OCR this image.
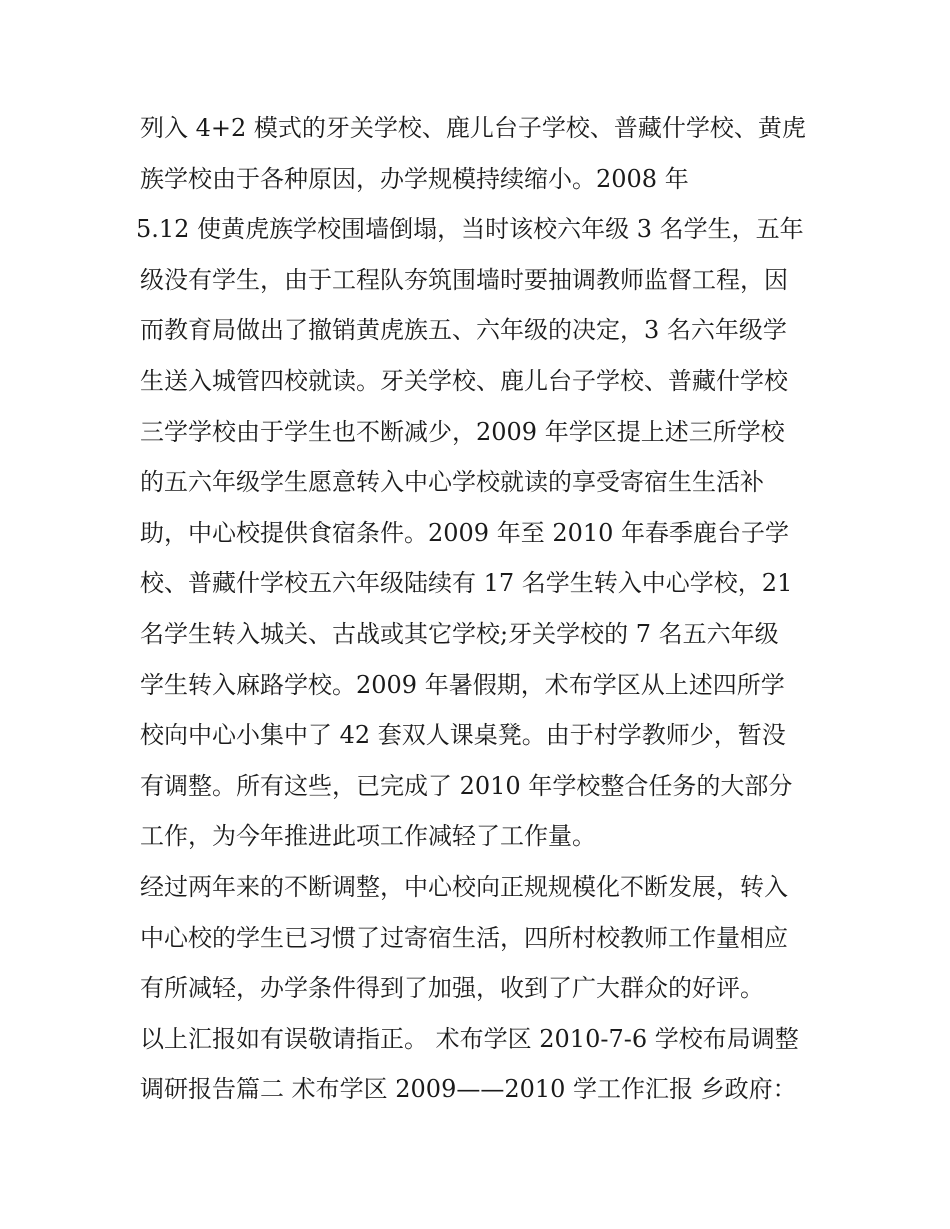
列入 4+2 模式的牙关学校、鹿儿台子学校、普藏什学校、黄虎
族学校由于各种原因，办学规模持续缩小。2008 年
5.12 使黄虎族学校围墙倒塌，当时该校六年级 3 名学生，五年
级没有学生，由于工程队夯筑围墙时要抽调教师监督工程，因
而教育局做出了撤销黄虎族五、六年级的决定，3 名六年级学
生送入城管四校就读。牙关学校、鹿儿台子学校、普藏什学校
三学学校由于学生也不断减少，2009 年学区提上述三所学校
的五六年级学生愿意转入中心学校就读的享受寄宿生生活补
助，中心校提供食宿条件。2009 年至 2010 年春季鹿台子学
校、普藏什学校五六年级陆续有 17 名学生转入中心学校，21
名学生转入城关、古战或其它学校;牙关学校的 7 名五六年级
学生转入麻路学校。2009 年暑假期，术布学区从上述四所学
校向中心小集中了 42 套双人课桌凳。由于村学教师少，暂没
有调整。所有这些，已完成了 2010 年学校整合任务的大部分
工作，为今年推进此项工作减轻了工作量。
经过两年来的不断调整，中心校向正规规模化不断发展，转入
中心校的学生已习惯了过寄宿生活，四所村校教师工作量相应
有所减轻，办学条件得到了加强，收到了广大群众的好评。
以上汇报如有误敬请指正。 术布学区 2010-7-6 学校布局调整
调研报告篇二 术布学区 2009——2010 学工作汇报 乡政府：
